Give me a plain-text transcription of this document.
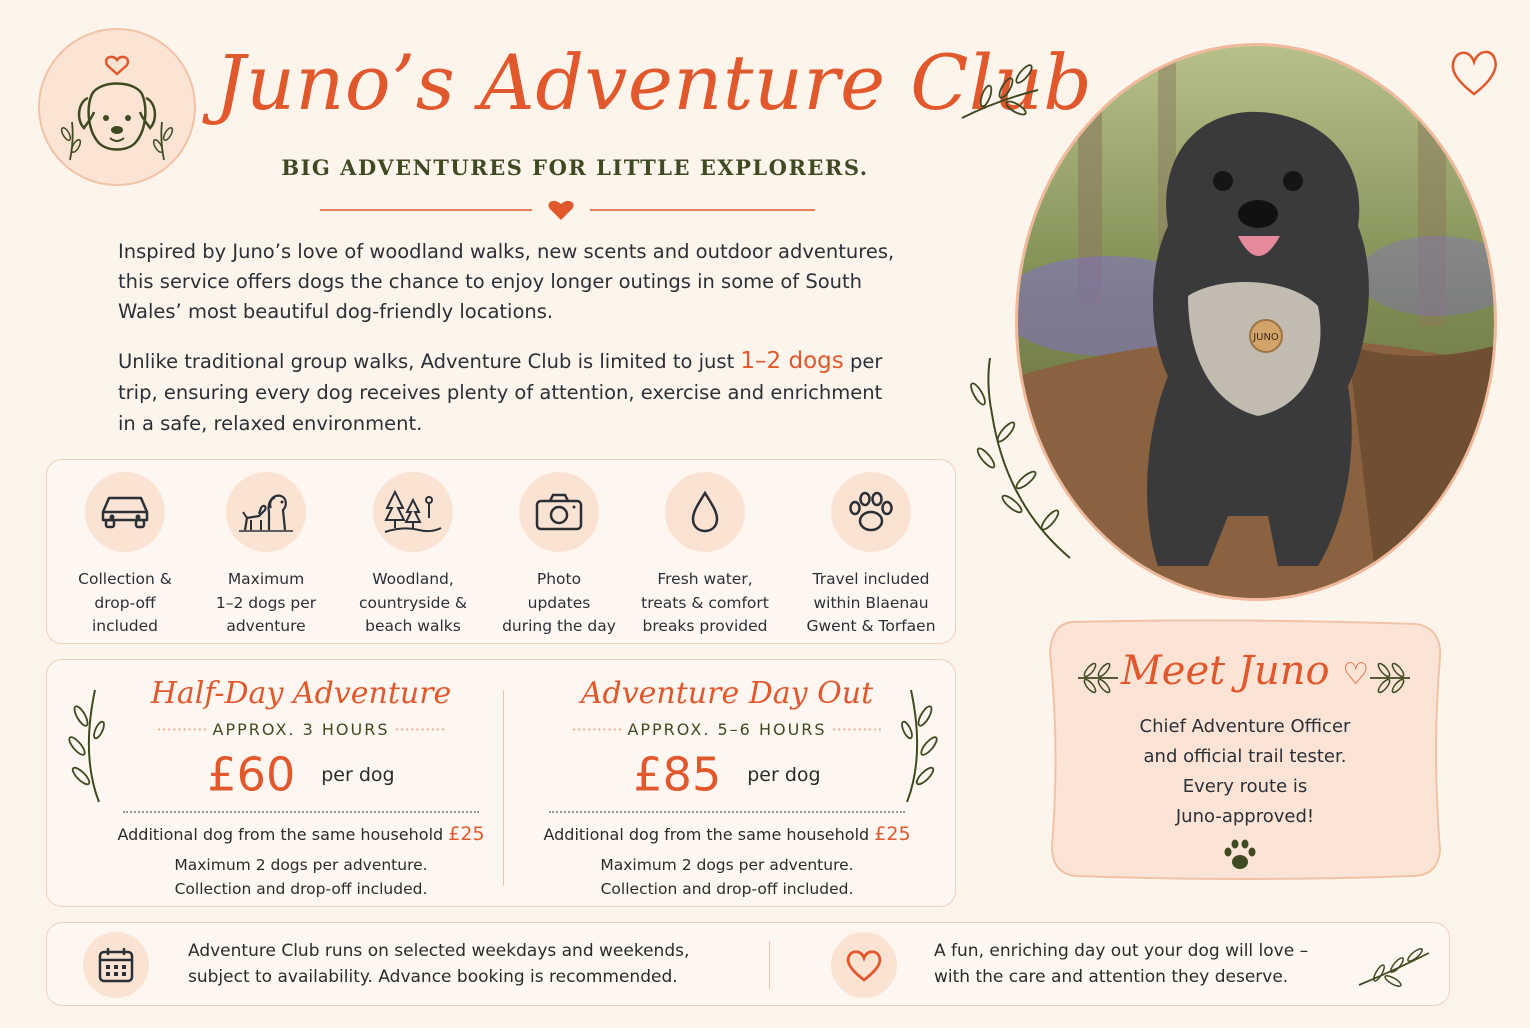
Juno’s Adventure Club
BIG ADVENTURES FOR LITTLE EXPLORERS.
Inspired by Juno’s love of woodland walks, new scents and outdoor adventures, this service offers dogs the chance to enjoy longer outings in some of South Wales’ most beautiful dog-friendly locations.
Unlike traditional group walks, Adventure Club is limited to just 1–2 dogs per trip, ensuring every dog receives plenty of attention, exercise and enrichment in a safe, relaxed environment.
Collection &
drop-off
included
Maximum
1–2 dogs per
adventure
Woodland,
countryside &
beach walks
Photo
updates
during the day
Fresh water,
treats & comfort
breaks provided
Travel included
within Blaenau
Gwent & Torfaen
Half-Day Adventure
·········· APPROX. 3 HOURS ··········
£60 per dog
Additional dog from the same household £25
Maximum 2 dogs per adventure.
Collection and drop-off included.
Adventure Day Out
·········· APPROX. 5–6 HOURS ··········
£85 per dog
Additional dog from the same household £25
Maximum 2 dogs per adventure.
Collection and drop-off included.
JUNO
Meet Juno ♡
Chief Adventure Officer
and official trail tester.
Every route is
Juno-approved!
Adventure Club runs on selected weekdays and weekends,
subject to availability. Advance booking is recommended.
A fun, enriching day out your dog will love –
with the care and attention they deserve.
